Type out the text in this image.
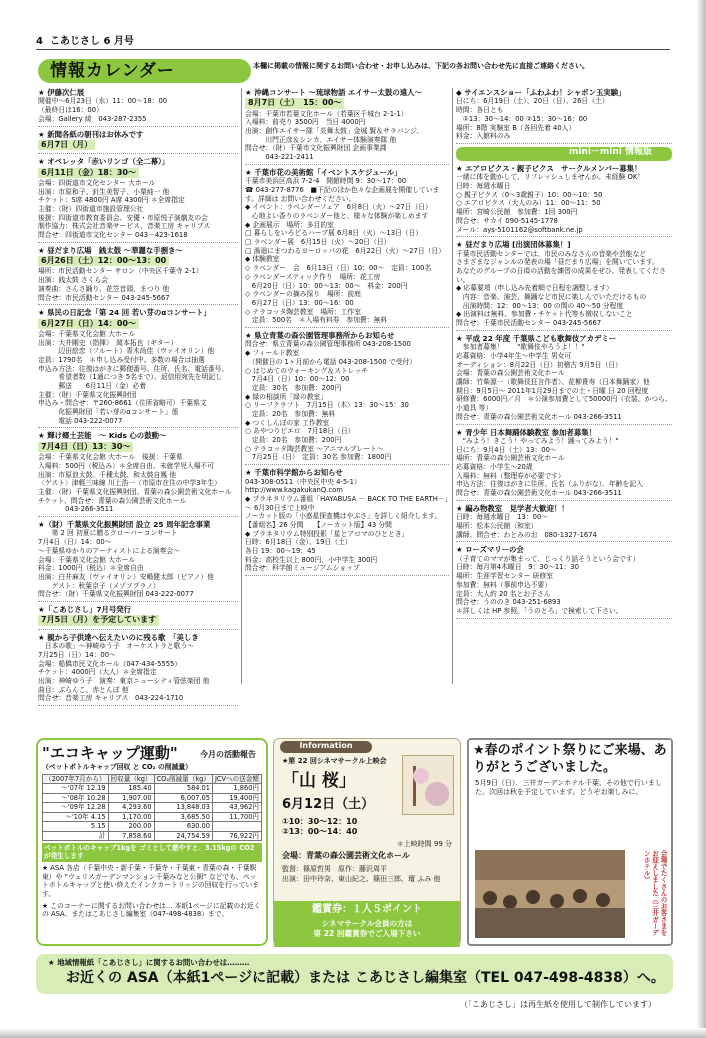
4 こあじさし 6 月号
情報カレンダー	本欄に掲載の情報に関するお問い合わせ・お申し込みは、下記の各お問い合わせ先に直接ご連絡ください。
★ 伊藤次仁展
開催中～6月23日（水）11：00～18：00
（最終日は16：00）
会場：Gallery 綾　043-287-2355
★ 新聞各紙の朝刊はお休みです
6月7日（月）
★ オペレッタ「赤いリンゴ（全二幕）」
6月11日（金）18：30～
会場：四街道市文化センター 大ホール
出演：市原和子、針生美智子、小栗純一 他
チケット：S席 4800円 A席 4300円 ＊全席指定
主催：（財）四街道市施設管理公社
後援：四街道市教育委員会、安優・市原悦子演劇友の会
制作協力：株式会社音楽サービス、音楽工房 キャリブス
問合せ：四街道市文化センター 043－423-1618
★ 昼だまり広場　銭太鼓 ～華麗な手捌き～
6月26日（土）12：00～13：00
場所：市民活動センター サロン（中央区千葉寺 2-1）
出演：銭太鼓 さくら会
演奏曲：さんさ踊り、花笠音頭、まつり 他
問合せ：市民活動センター 043-245-5667
★ 県民の日記念「第 24 回 若い芽のαコンサート」
6月27日（日）14：00～
会場：千葉県文化会館 大ホール
出演：大井剛史（指揮）　岡本拓也（ギター）
　　　辺田絵恋（フルート）青木尚佳（ヴァイオリン）他
定員：1790名　＊申し込み受付中。多数の場合は抽選
申込み方法：往復はがきに郵便番号、住所、氏名、電話番号、
　　　希望者数（1通につき 5名まで）、返信用宛先を明記し
　　　郵送　　6月11日（金）必着
主催：（財）千葉県文化振興財団
申込み・問合せ：〒260-8661（住所省略可）千葉県文
　　　化振興財団「若い芽のαコンサート」係
　　　電話 043-222-0077
★ 輝け郷土芸能　～ Kids 心の鼓動～
7月4日（日）13：30～
会場：千葉県文化会館 大ホール　後援：千葉県
入場料：500円（税込み）＊全席自由、未就学児入場不可
出演：市原浪太鼓、千種太鼓、和太鼓自鳳 他
〈ゲスト〉津軽三味線 川上浩一（市原市在住の中学3年生）
主催：（財）千葉県文化振興財団、青葉の森公園芸術文化ホール
チケット、問合せ：青葉の森公園芸術文化ホール
　　　　043-266-3511
★（財）千葉県文化振興財団 設立 25 周年記念事業
　　第 2 回 初夏に贈るクローバーコンサート
7月4日（日）14：00～
～千葉県ゆかりのアーティストによる演奏会～
会場：千葉県文化会館 大ホール
料金：1000円（税込）＊全席自由
出演：白井麻友（ヴァイオリン）安嶋健太郎（ピアノ）他
　　ゲスト：秋葉京子（メゾソプラノ）
問合せ：（財）千葉県文化振興財団 043-222-0077
★「こあじさし」7月号発行
7月5日（月）を予定しています
★ 親から子供達へ伝えたいのに残る歌　「美しき
　日本の歌」～神崎ゆう子　オーケストラと歌う～
7月25日（日）14：00～
会場：船橋市民文化ホール（047-434-5555）
チケット：4000円（大人）＊全席指定
出演：神崎ゆう子　演奏：東京ニューシティ管弦楽団 他
曲目：ぶらんこ、赤とんぼ 他
問合せ：音楽工房 キャリブス　043-224-1710
★ 沖縄コンサート ～琉球物語 エイサー太鼓の遠人～
8月7日（土）　15：00～
会場：千葉市若葉文化ホール（若葉区千城台 2-1-1）
入場料：前売り 3500円　当日 4000円
出演：創作エイサー隊「炎舞太鼓」金城 賢＆サラバンジ、
　　　川門正彦＆シンカ、エイサー体験演奏隊 他
問合せ：（財）千葉市文化振興財団 企画事業課
　　　043-221-2411
★ 千葉市花の美術館「イベントスケジュール」
千葉市美浜区高浜 7-2-4　開館時間 9：30～17：00
☎ 043-277-8776　■下記のほか色々な企画展を開催しています。詳細は お問い合わせください。
◆ イベント：ラベンダーフェア　6月8日（火）～27日（日）
　心地よい香りのラベンダー他と、様々な体験が楽しめます
◆ 企画展示　場所：多目的室
□ 暮らしをいろどるハーブ展 6月8日（火）～13日（日）
□ ラベンダー展　6月15日（火）～20日（日）
□ 渦廻にまつわるヨーロッパの花　6月22日（火）～27日（日）
◆ 体験教室
◇ ラベンダー　会　6月13日（日）10：00～　定員：100名
◇ ラベンダースティック作り　場所：花工房
　6月20日（日）10：00～13：00～　料金：200円
◇ ラベンダーの摘み採り　場所：前庭
　6月27日（日）13：00～16：00
◇ テラコッタ陶芸教室　場所：工作室
　定員：500名　＊入場有料券　参加費：無料
★ 県立青葉の森公園管理事務所からお知らせ
問合せ：県立青葉の森公園管理事務所 043-208-1500
◆ フィールド教室
　（開催日の 1ヶ月前から電話 043-208-1500 で受付）
○ はじめてのウォーキング＆ストレッチ
　7月4日（日）10：00～12：00
　定員：30名　参加費：200円
◆ 緑の相談所「緑の教室」
○ リーフクラフト　7月15日（木）13：30～15：30
　定員：20名　参加費：無料
◆ つくしんぼの家 工作教室
○ あやつりピエロ　7月18日（日）
　定員：20名　参加費：200円
○ テラコッタ陶芸教室 ～アニマルプレート～
　7月25日（日）　定員：30名 参加費：1800円
★ 千葉市科学館からお知らせ
043-308-0511（中央区中央 4-5-1）
http://www.kagakukanQ.com
◆ プラネタリウム番組「HAYABUSA － BACK TO THE EARTH－」　～ 6月30日まで上映中
ノーカット版の「小惑星探査機はやぶさ」を詳しく紹介します。
【番組名】26 分間　　【ノーカット版】43 分間
◆ プラネタリウム特別投影「星とアロマのひととき」
日時：6月18日（金）、19日（土）
各日 19：00～19：45
料金：高校生以上 800円、小中学生 300円
問合せ：科学館ミュージアムショップ
◆ サイエンスショー「ふわふわ！シャボン玉実験」
日にち：6月19日（土）、20日（日）、26日（土）
時間：各日とも
　①13：30～14：00 ②15：30～16：00
場所：8階 実験室 B（各回先着 40人）
料金：入館料のみ
mini－mini 情報版
★ エアロビクス・親子ビクス　サークルメンバー募集！
一緒に体を動かして、リフレッシュしませんか。未経験 OK！
日時：毎週水曜日
○ 親子ビクス（0～3歳親子）10：00～10：50
○ エアロビクス（大人のみ）11：00～11：50
場所：宮崎公民館　参加費：1回 300円
問合せ：サカイ 090-5145-1778
メール：ays-5101162@softbank.ne.jp
★ 昼だまり広場 [出演団体募集！]
千葉市民活動センターでは、市民のみなさんの音楽や芸能など
さまざまなジャンルの発表の場「昼だまり広場」を開いています。
あなたのグループの日頃の活動を練習の成果をぜひ、発表してください。
◆ 応募要項（申し込み先着順で日程を調整します）
　内容：音楽、演芸、舞踊など市民に楽しんでいただけるもの
　出演時間：12：00～13：00 の間の 40～50 分程度
◆ 出演料は無料、参加費・チケット代等も徴収しないこと
問合せ：千葉市民活動センター 043-245-5667
★ 平成 22 年度 千葉県こども歌舞伎アカデミー
　参加者募集！　　"歌舞伎やろうよ！！"
応募資格：小学4年生～中学生 男女可
オーディション：8月22日（日）初稽古 9月5日（日）
会場：青葉の森公園芸術文化ホール
講師：竹柴源一（歌舞伎狂言作者）、花柳貴寿（日本舞踊家）他
期日：9月5日～ 2011年1月29日までの土・日曜 日 20 回程度
研修費：6000円／月　＊公演参加費として50000円（衣装、かつら、小道具 等）
問合せ：青葉の森公園芸術文化ホール 043-266-3511
★ 青少年 日本舞踊体験教室 参加者募集！
　"みよう！きこう！やってみよう！踊ってみよう！"
日にち：9月4日（土）13：00～
場所：青葉の森公園芸術文化ホール
応募資格：小学生～20歳
入場料：無料（整理券が必要です）
申込方法：往復はがきに住所、氏名（ふりがな）、年齢を記入
問合せ：青葉の森公園芸術文化ホール 043-266-3511
★ 編み物教室　見学者大歓迎！！
日時：毎週水曜日　13：00～
場所：松本公民館（和室）
講師、問合せ：わとみのお　080-1327-1674
★ ローズマリーの会
（子育てのママが集まって、じっくり話そうという会です）
日時：毎月第4木曜日　9：30～11：30
場所：生涯学習センター 研修室
参加費：無料（事前申込不要）
定員：大人約 20 名とお子さん
問合せ：うののき 043-251-6893
＊詳しくは HP 参照。「うのとろ」で検索して下さい。
"エコキャップ運動"	今月の活動報告
（ペットボトルキャップ回収 と CO₂ の削減量）
（2007年7月から）	回収量（kg）	CO₂削減量（kg）	JCVへの送金額
～'07年 12.19	185.40	584.01	1,860円
～'08年 10.28	1,907.00	6,007.05	19,400円
～'09年 12.28	4,293.60	13,848.03	43,962円
～'10年 4.15	1,170.00	3,685.50	11,700円
5.15	200.00	630.00	
計	7,858.60	24,754.59	76,922円
ペットボトルのキャップ1kgを ゴミとして燃やすと、3.15kgの CO2 が発生します
★ ASA 各店（千葉中央・新千葉・千葉寺・千葉東・青葉の森・千葉駅東）や “ウェリスガーデンマンション千葉みなと公園” などでも、ペットボトルキャップと使い終えたインクカートリッジの回収を行っています。
★ このコーナーに関するお問い合わせは… 本紙1ページに記載のお近くの ASA、またはこあじさし編集室（047-498-4838）まで。
Information
★第 22 回シネマサークル上映会
「山 桜」
6月12日（土）
①10：30～12：10
②13：00～14：40
＊上映時間 99 分
会場：青葉の森公園芸術文化ホール
監督：篠原哲男　原作：藤沢周平
出演：田中玲奈、東山紀之、篠田三郎、壇 ふみ 他
鑑賞券：１人５ポイント
シネマサークル会員の方は
第 22 回鑑賞券でご入場下さい
★春のポイント祭りにご来場、ありがとうございました。
5月9日（日）、三井ガーデンホテル千葉、その他で行いました。次回は秋を予定しています。どうぞお楽しみに。
会場でたくさんのお客さまをお迎えしました（三井ガーデンホテル）
★ 地域情報紙「こあじさし」に関するお問い合わせは………
お近くの ASA（本紙1ページに記載）または こあじさし編集室（TEL 047-498-4838）へ。
（「こあじさし」は再生紙を使用して制作しています）
